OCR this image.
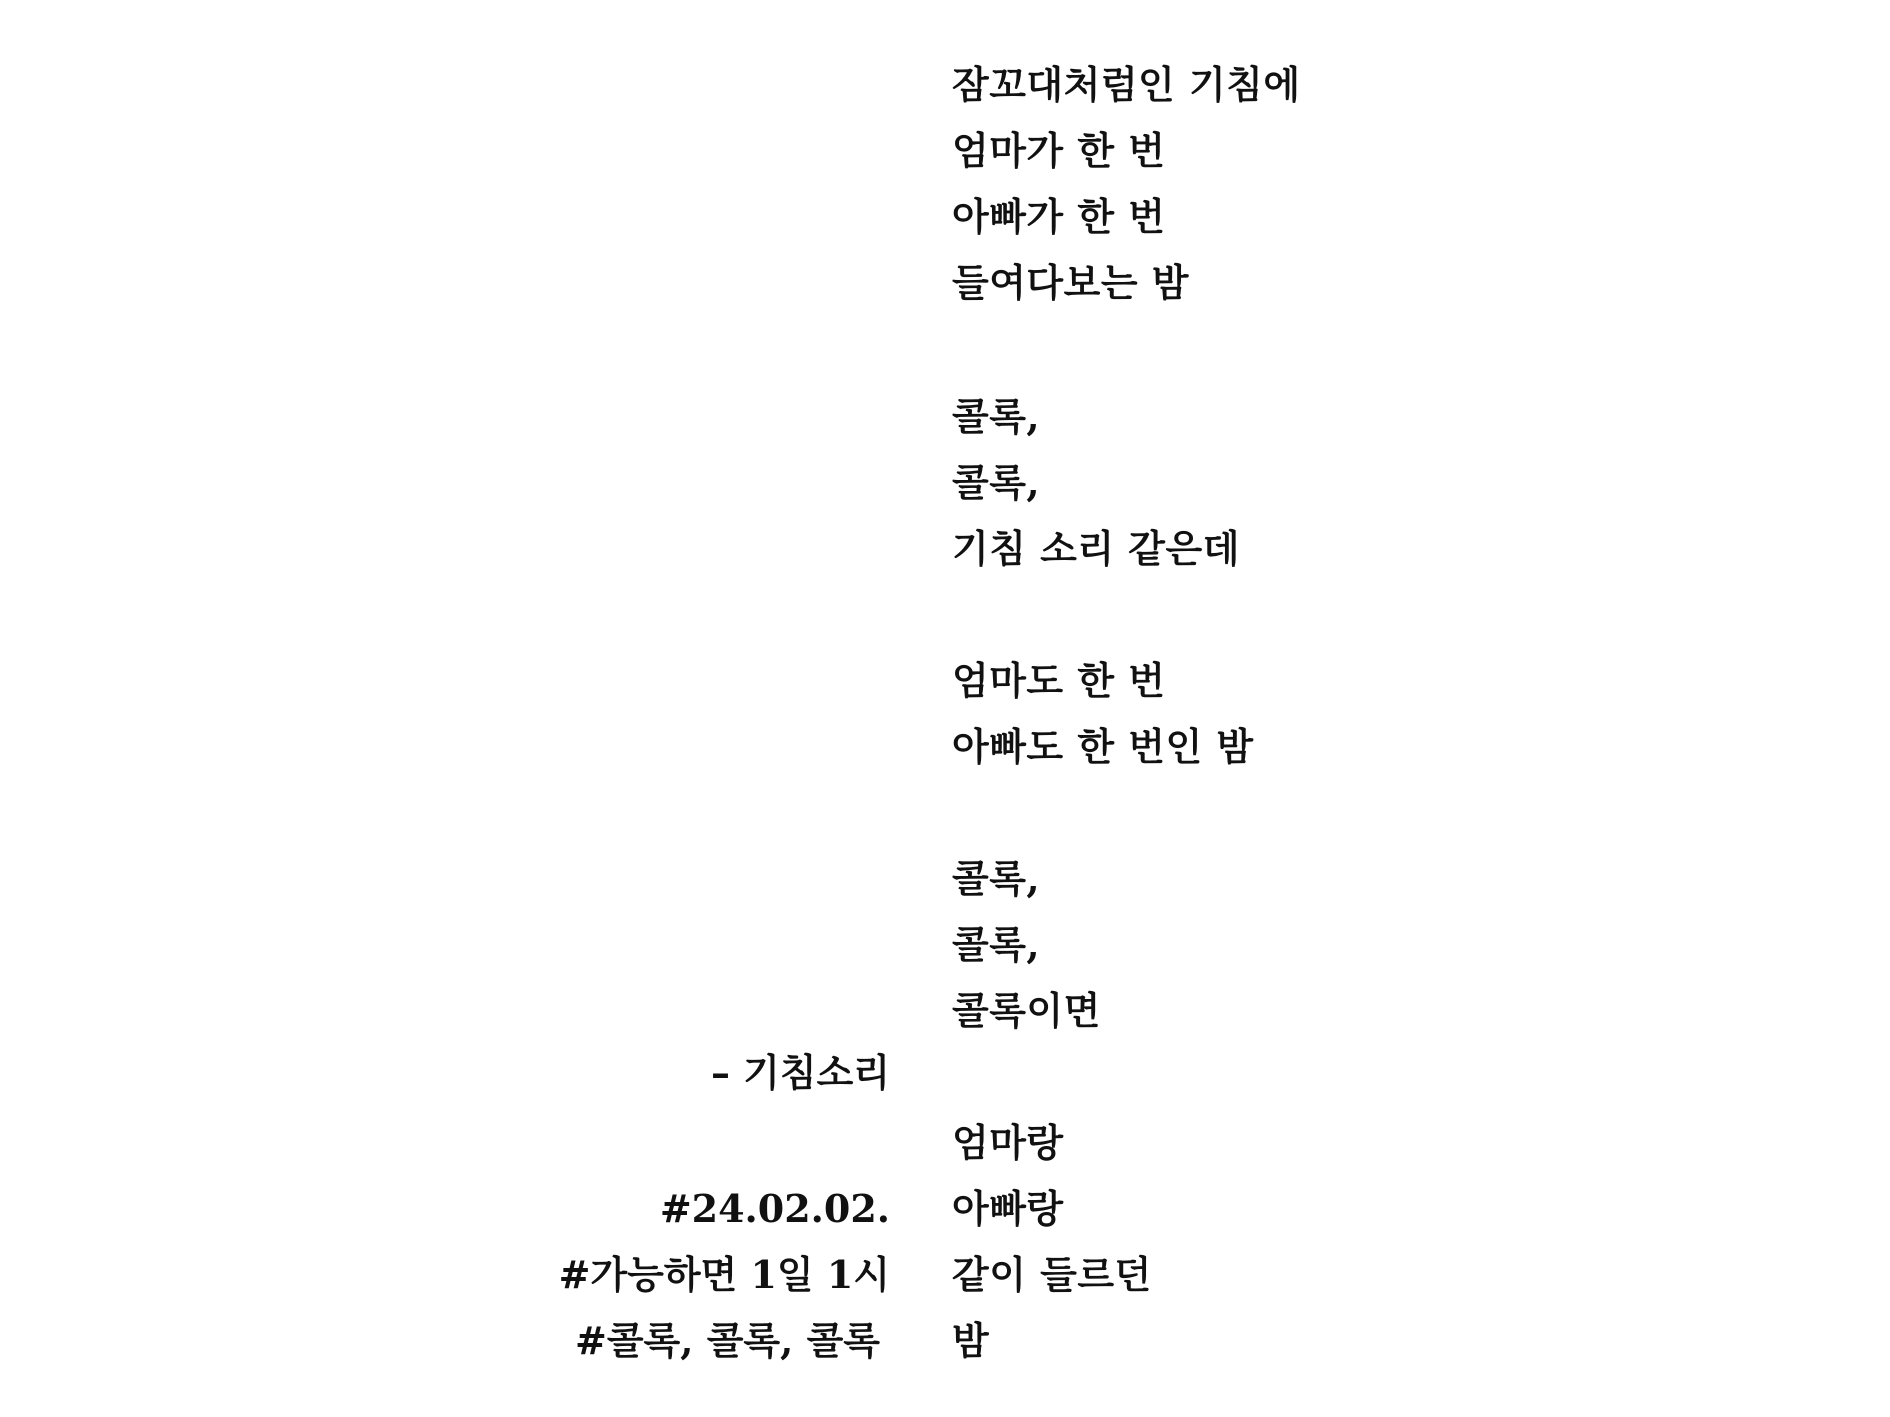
잠꼬대처럼인 기침에
엄마가 한 번
아빠가 한 번
들여다보는 밤
콜록,
콜록,
기침 소리 같은데
엄마도 한 번
아빠도 한 번인 밤
콜록,
콜록,
콜록이면
– 기침소리
엄마랑
아빠랑
같이 들르던
밤
#24.02.02.
#가능하면 1일 1시
#콜록, 콜록, 콜록
